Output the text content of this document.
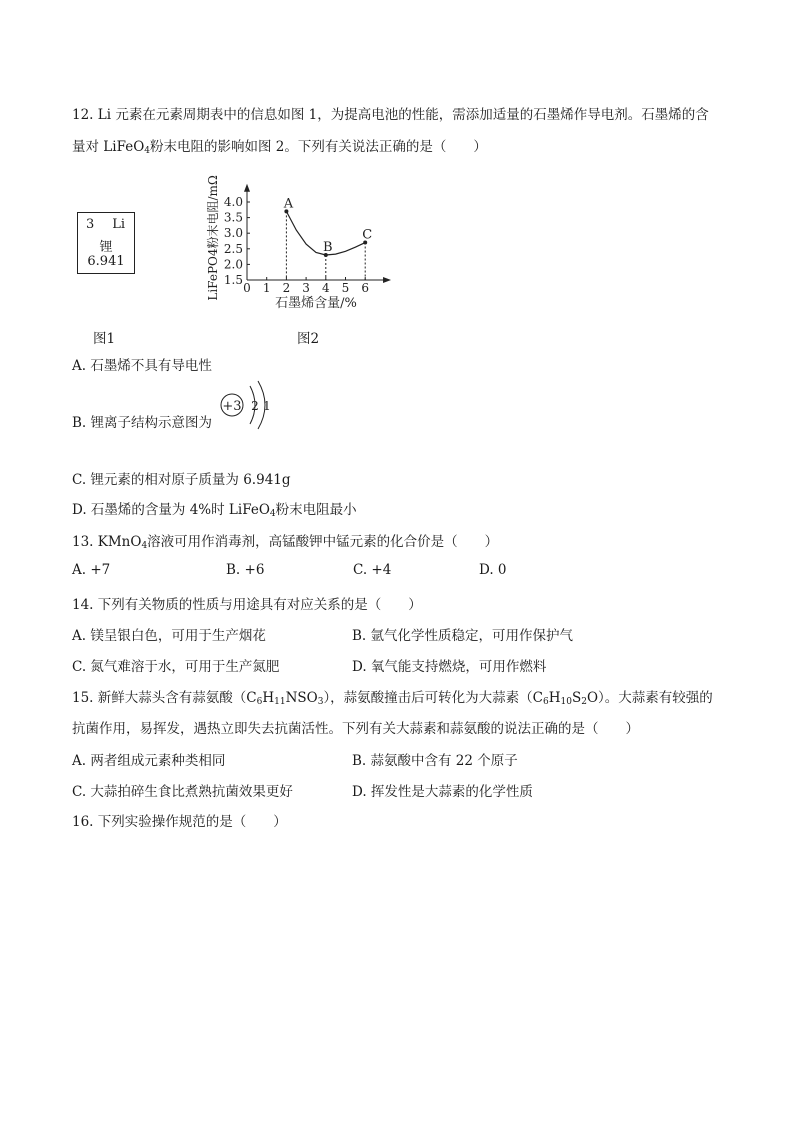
12. Li 元素在元素周期表中的信息如图 1，为提高电池的性能，需添加适量的石墨烯作导电剂。石墨烯的含
量对 LiFeO$_4$粉末电阻的影响如图 2。下列有关说法正确的是（　　）
3 Li
锂
6.941
0 1 2 3 4 5 6
1.5
2.0
2.5
3.0
3.5
4.0	A
B
C
石墨烯含量/%
LiFePO4粉末电阻/mΩ
图1	图2
A. 石墨烯不具有导电性
B. 锂离子结构示意图为
+3 2 1
C. 锂元素的相对原子质量为 6.941g
D. 石墨烯的含量为 4%时 LiFeO$_4$粉末电阻最小
13. KMnO$_4$溶液可用作消毒剂，高锰酸钾中锰元素的化合价是（　　）
A. +7	B. +6	C. +4	D. 0
14. 下列有关物质的性质与用途具有对应关系的是（　　）
A. 镁呈银白色，可用于生产烟花	B. 氩气化学性质稳定，可用作保护气
C. 氮气难溶于水，可用于生产氮肥	D. 氧气能支持燃烧，可用作燃料
15. 新鲜大蒜头含有蒜氨酸$(C_6H_{11}NSO_3)$，蒜氨酸撞击后可转化为大蒜素$(C_6H_{10}S_2O)$。大蒜素有较强的
抗菌作用，易挥发，遇热立即失去抗菌活性。下列有关大蒜素和蒜氨酸的说法正确的是（　　）
A. 两者组成元素种类相同	B. 蒜氨酸中含有 22 个原子
C. 大蒜拍碎生食比煮熟抗菌效果更好	D. 挥发性是大蒜素的化学性质
16. 下列实验操作规范的是（　　）
